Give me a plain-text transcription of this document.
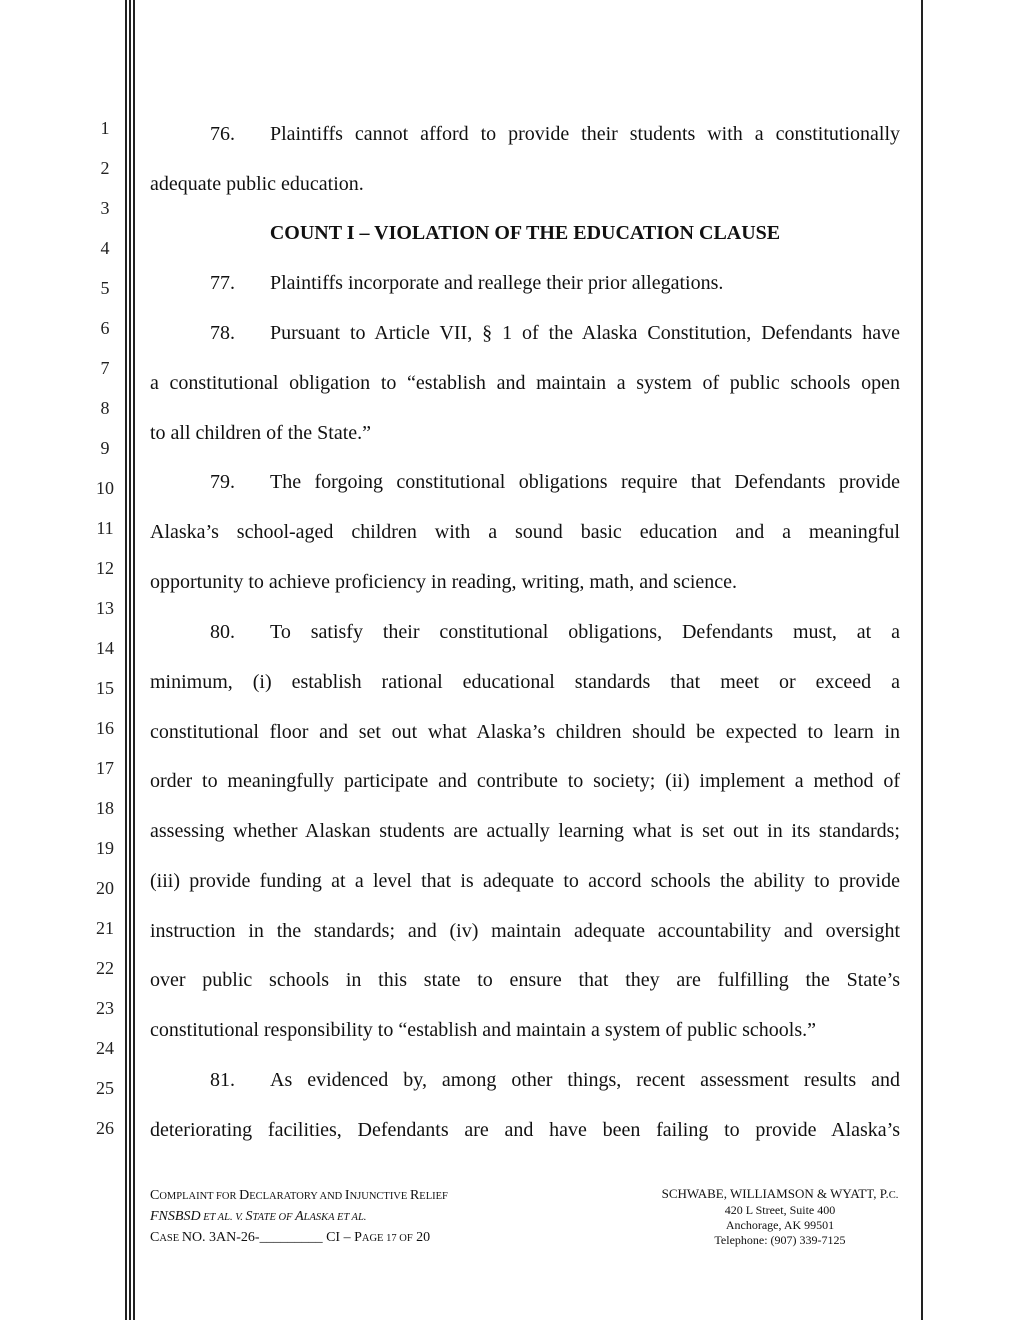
1
2
3
4
5
6
7
8
9
10
11
12
13
14
15
16
17
18
19
20
21
22
23
24
25
26
76. Plaintiffs cannot afford to provide their students with a constitutionally
adequate public education.
COUNT I – VIOLATION OF THE EDUCATION CLAUSE
77. Plaintiffs incorporate and reallege their prior allegations.
78. Pursuant to Article VII, § 1 of the Alaska Constitution, Defendants have
a constitutional obligation to “establish and maintain a system of public schools open
to all children of the State.”
79. The forgoing constitutional obligations require that Defendants provide
Alaska’s school-aged children with a sound basic education and a meaningful
opportunity to achieve proficiency in reading, writing, math, and science.
80. To satisfy their constitutional obligations, Defendants must, at a
minimum, (i) establish rational educational standards that meet or exceed a
constitutional floor and set out what Alaska’s children should be expected to learn in
order to meaningfully participate and contribute to society; (ii) implement a method of
assessing whether Alaskan students are actually learning what is set out in its standards;
(iii) provide funding at a level that is adequate to accord schools the ability to provide
instruction in the standards; and (iv) maintain adequate accountability and oversight
over public schools in this state to ensure that they are fulfilling the State’s
constitutional responsibility to “establish and maintain a system of public schools.”
81. As evidenced by, among other things, recent assessment results and
deteriorating facilities, Defendants are and have been failing to provide Alaska’s
COMPLAINT FOR DECLARATORY AND INJUNCTIVE RELIEF
FNSBSD ET AL. V. STATE OF ALASKA ET AL.
CASE NO. 3AN-26-_________ CI – PAGE 17 OF 20
SCHWABE, WILLIAMSON & WYATT, P.C.
420 L Street, Suite 400
Anchorage, AK 99501
Telephone: (907) 339-7125
